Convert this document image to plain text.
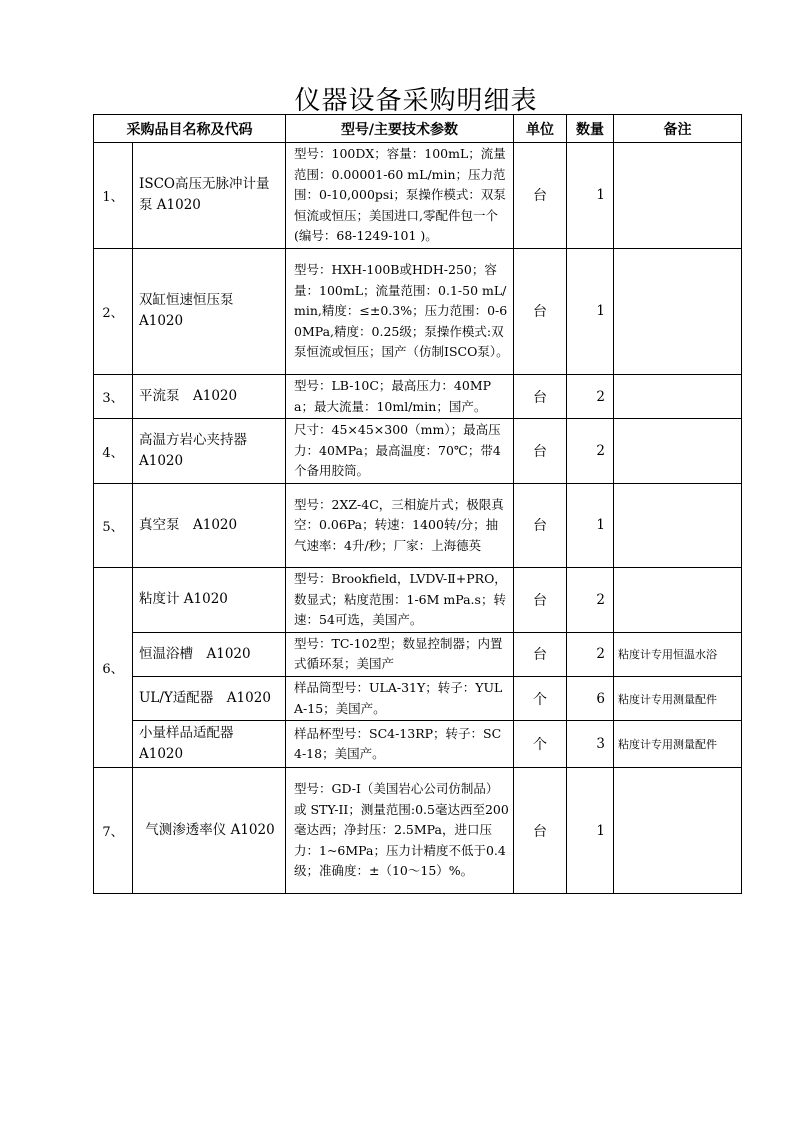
仪器设备采购明细表
采购品目名称及代码		型号/主要技术参数	单位	数量	备注
1、	ISCO高压无脉冲计量泵 A1020	型号：100DX；容量：100mL；流量范围：0.00001-60 mL/min；压力范围：0-10,000psi；泵操作模式：双泵恒流或恒压；美国进口,零配件包一个(编号：68-1249-101 )。	台	1	
2、	双缸恒速恒压泵 A1020	型号：HXH-100B或HDH-250；容量：100mL；流量范围：0.1-50 mL/min,精度：≤±0.3%；压力范围：0-60MPa,精度：0.25级；泵操作模式:双泵恒流或恒压；国产（仿制ISCO泵）。	台	1	
3、	平流泵　A1020	型号：LB-10C；最高压力：40MPa；最大流量：10ml/min；国产。	台	2	
4、	高温方岩心夹持器 A1020	尺寸：45×45×300（mm）；最高压力：40MPa；最高温度：70℃；带4个备用胶筒。	台	2	
5、	真空泵　A1020	型号：2XZ-4C，三相旋片式；极限真空：0.06Pa；转速：1400转/分；抽气速率：4升/秒；厂家：上海德英	台	1	
6、	粘度计 A1020	型号：Brookfield，LVDV-Ⅱ+PRO，数显式；粘度范围：1-6M mPa.s；转速：54可选，美国产。	台	2	
	恒温浴槽　A1020	型号：TC-102型；数显控制器；内置式循环泵；美国产	台	2	粘度计专用恒温水浴
	UL/Y适配器　A1020	样品筒型号：ULA-31Y；转子：YULA-15；美国产。	个	6	粘度计专用测量配件
	小量样品适配器 A1020	样品杯型号：SC4-13RP；转子：SC4-18；美国产。	个	3	粘度计专用测量配件
7、	气测渗透率仪 A1020	型号：GD-I（美国岩心公司仿制品）或 STY-II；测量范围:0.5毫达西至200毫达西；净封压：2.5MPa，进口压力：1~6MPa；压力计精度不低于0.4级；准确度：±（10～15）%。	台	1	
